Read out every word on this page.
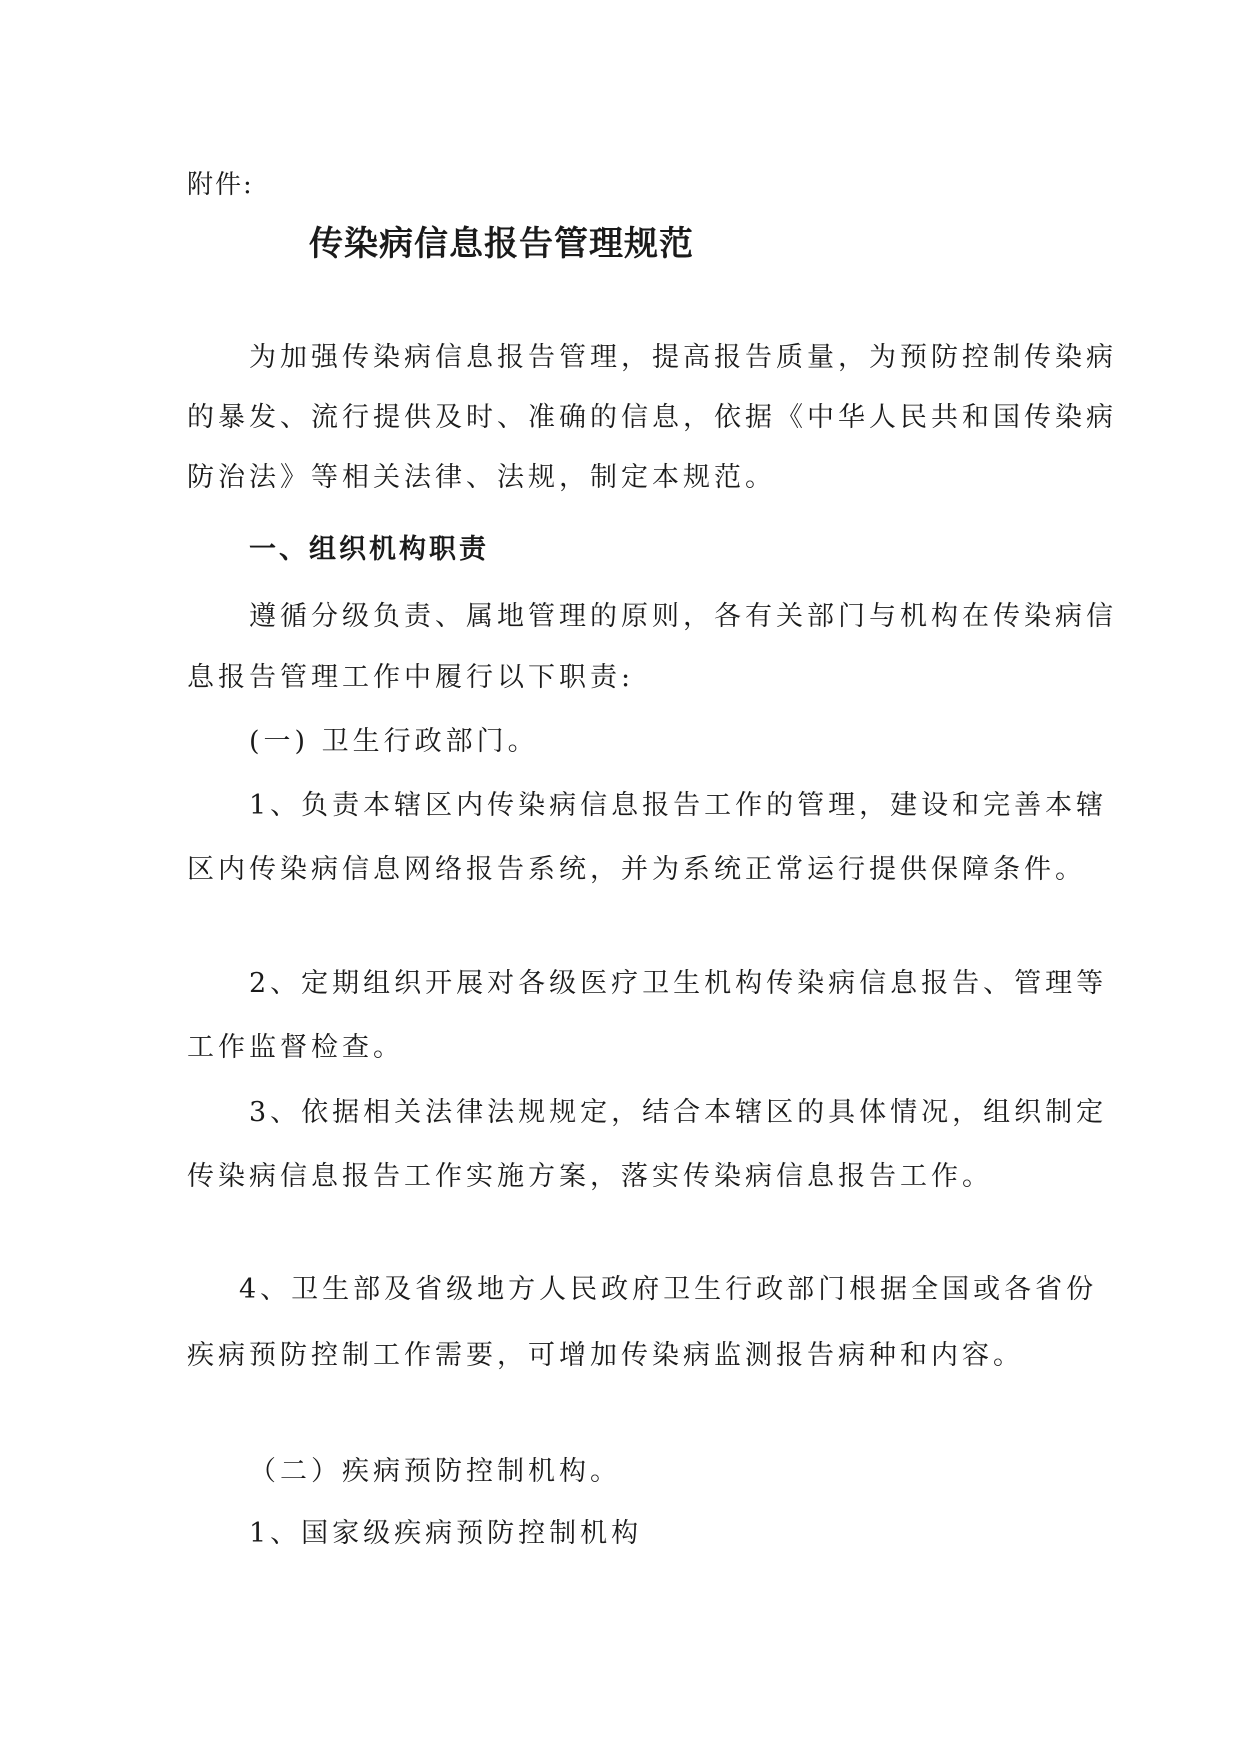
附件:

传染病信息报告管理规范

为加强传染病信息报告管理，提高报告质量，为预防控制传染病

的暴发、流行提供及时、准确的信息，依据《中华人民共和国传染病

防治法》等相关法律、法规，制定本规范。

一、组织机构职责

遵循分级负责、属地管理的原则，各有关部门与机构在传染病信

息报告管理工作中履行以下职责:

(一) 卫生行政部门。

1、负责本辖区内传染病信息报告工作的管理，建设和完善本辖

区内传染病信息网络报告系统，并为系统正常运行提供保障条件。

2、定期组织开展对各级医疗卫生机构传染病信息报告、管理等

工作监督检查。

3、依据相关法律法规规定，结合本辖区的具体情况，组织制定

传染病信息报告工作实施方案，落实传染病信息报告工作。

4、卫生部及省级地方人民政府卫生行政部门根据全国或各省份

疾病预防控制工作需要，可增加传染病监测报告病种和内容。

（二）疾病预防控制机构。

1、国家级疾病预防控制机构
